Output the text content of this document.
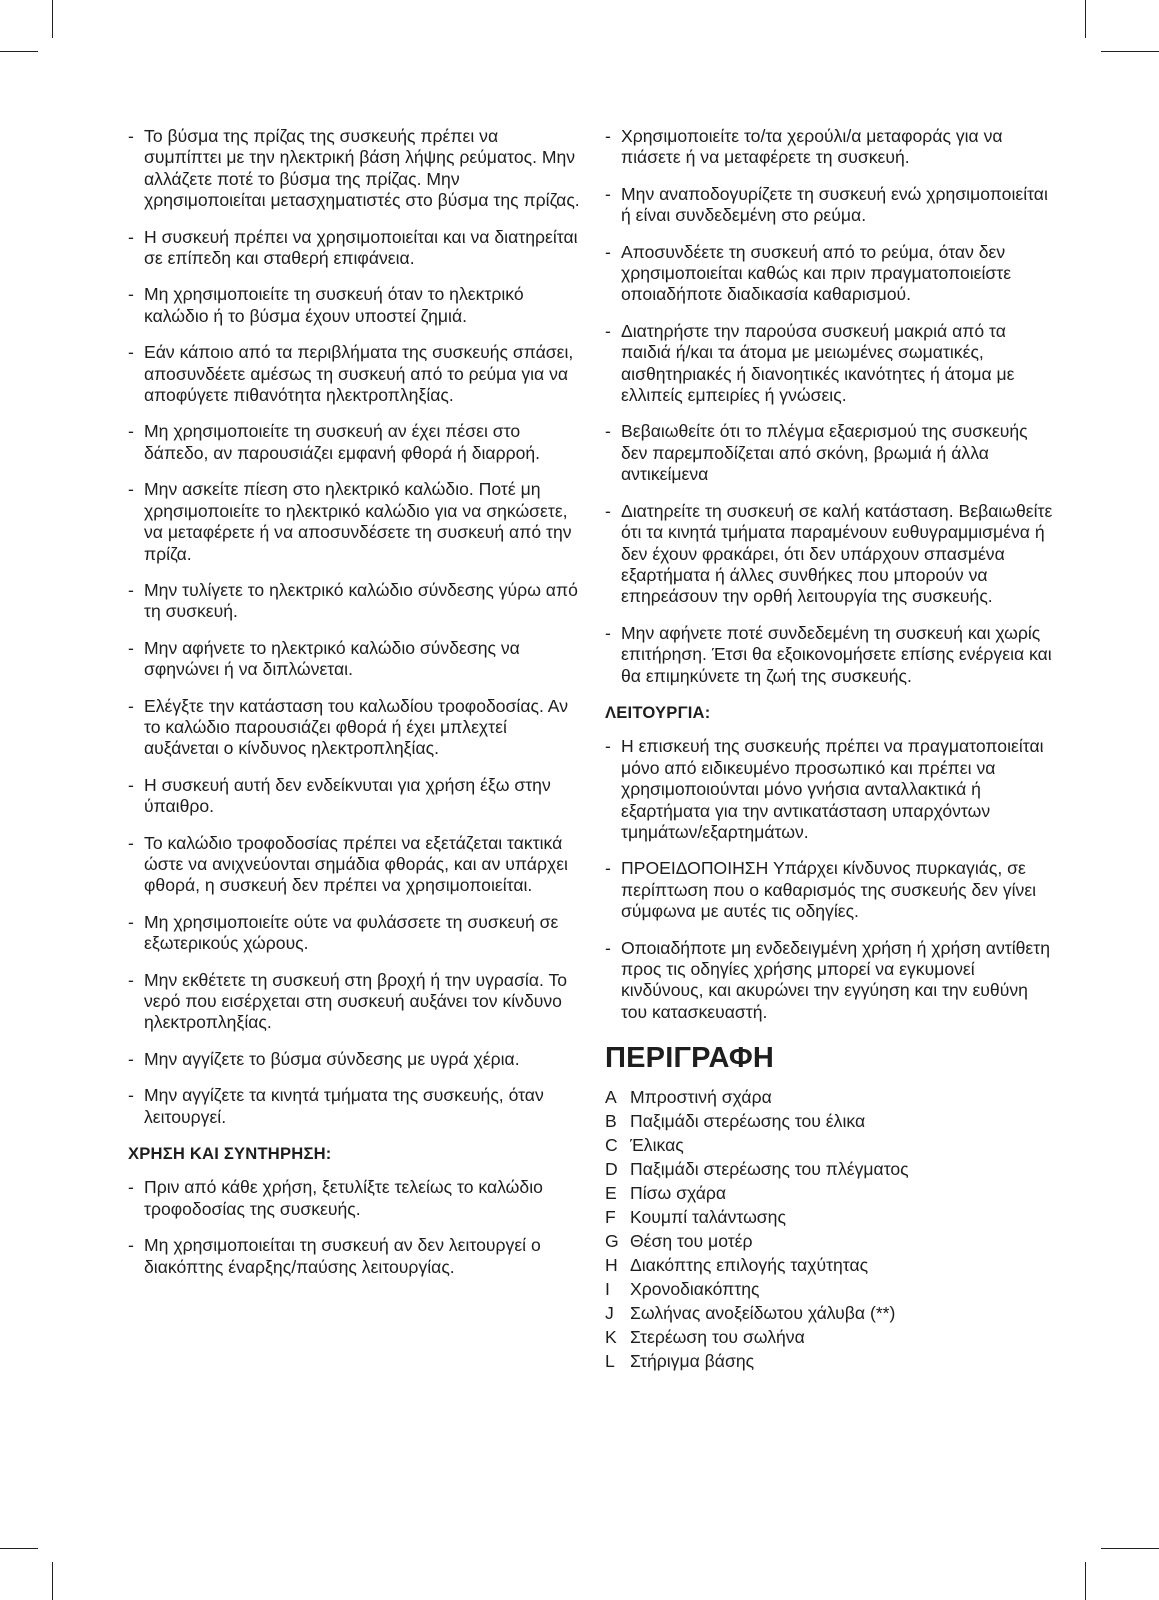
- Το βύσμα της πρίζας της συσκευής πρέπει να συμπίπτει με την ηλεκτρική βάση λήψης ρεύματος. Μην αλλάζετε ποτέ το βύσμα της πρίζας. Μην χρησιμοποιείται μετασχηματιστές στο βύσμα της πρίζας.
- Η συσκευή πρέπει να χρησιμοποιείται και να διατηρείται σε επίπεδη και σταθερή επιφάνεια.
- Μη χρησιμοποιείτε τη συσκευή όταν το ηλεκτρικό καλώδιο ή το βύσμα έχουν υποστεί ζημιά.
- Εάν κάποιο από τα περιβλήματα της συσκευής σπάσει, αποσυνδέετε αμέσως τη συσκευή από το ρεύμα για να αποφύγετε πιθανότητα ηλεκτροπληξίας.
- Μη χρησιμοποιείτε τη συσκευή αν έχει πέσει στο δάπεδο, αν παρουσιάζει εμφανή φθορά ή διαρροή.
- Μην ασκείτε πίεση στο ηλεκτρικό καλώδιο. Ποτέ μη χρησιμοποιείτε το ηλεκτρικό καλώδιο για να σηκώσετε, να μεταφέρετε ή να αποσυνδέσετε τη συσκευή από την πρίζα.
- Μην τυλίγετε το ηλεκτρικό καλώδιο σύνδεσης γύρω από τη συσκευή.
- Μην αφήνετε το ηλεκτρικό καλώδιο σύνδεσης να σφηνώνει ή να διπλώνεται.
- Ελέγξτε την κατάσταση του καλωδίου τροφοδοσίας. Αν το καλώδιο παρουσιάζει φθορά ή έχει μπλεχτεί αυξάνεται ο κίνδυνος ηλεκτροπληξίας.
- Η συσκευή αυτή δεν ενδείκνυται για χρήση έξω στην ύπαιθρο.
- Το καλώδιο τροφοδοσίας πρέπει να εξετάζεται τακτικά ώστε να ανιχνεύονται σημάδια φθοράς, και αν υπάρχει φθορά, η συσκευή δεν πρέπει να χρησιμοποιείται.
- Μη χρησιμοποιείτε ούτε να φυλάσσετε τη συσκευή σε εξωτερικούς χώρους.
- Μην εκθέτετε τη συσκευή στη βροχή ή την υγρασία. Το νερό που εισέρχεται στη συσκευή αυξάνει τον κίνδυνο ηλεκτροπληξίας.
- Μην αγγίζετε το βύσμα σύνδεσης με υγρά χέρια.
- Μην αγγίζετε τα κινητά τμήματα της συσκευής, όταν λειτουργεί.
ΧΡΗΣΗ ΚΑΙ ΣΥΝΤΗΡΗΣΗ:
- Πριν από κάθε χρήση, ξετυλίξτε τελείως το καλώδιο τροφοδοσίας της συσκευής.
- Μη χρησιμοποιείται τη συσκευή αν δεν λειτουργεί ο διακόπτης έναρξης/παύσης λειτουργίας.
- Χρησιμοποιείτε το/τα χερούλι/α μεταφοράς για να πιάσετε ή να μεταφέρετε τη συσκευή.
- Μην αναποδογυρίζετε τη συσκευή ενώ χρησιμοποιείται ή είναι συνδεδεμένη στο ρεύμα.
- Αποσυνδέετε τη συσκευή από το ρεύμα, όταν δεν χρησιμοποιείται καθώς και πριν πραγματοποιείστε οποιαδήποτε διαδικασία καθαρισμού.
- Διατηρήστε την παρούσα συσκευή μακριά από τα παιδιά ή/και τα άτομα με μειωμένες σωματικές, αισθητηριακές ή διανοητικές ικανότητες ή άτομα με ελλιπείς εμπειρίες ή γνώσεις.
- Βεβαιωθείτε ότι το πλέγμα εξαερισμού της συσκευής δεν παρεμποδίζεται από σκόνη, βρωμιά ή άλλα αντικείμενα
- Διατηρείτε τη συσκευή σε καλή κατάσταση. Βεβαιωθείτε ότι τα κινητά τμήματα παραμένουν ευθυγραμμισμένα ή δεν έχουν φρακάρει, ότι δεν υπάρχουν σπασμένα εξαρτήματα ή άλλες συνθήκες που μπορούν να επηρεάσουν την ορθή λειτουργία της συσκευής.
- Μην αφήνετε ποτέ συνδεδεμένη τη συσκευή και χωρίς επιτήρηση. Έτσι θα εξοικονομήσετε επίσης ενέργεια και θα επιμηκύνετε τη ζωή της συσκευής.
ΛΕΙΤΟΥΡΓΙΑ:
- Η επισκευή της συσκευής πρέπει να πραγματοποιείται μόνο από ειδικευμένο προσωπικό και πρέπει να χρησιμοποιούνται μόνο γνήσια ανταλλακτικά ή εξαρτήματα για την αντικατάσταση υπαρχόντων τμημάτων/εξαρτημάτων.
- ΠΡΟΕΙΔΟΠΟΙΗΣΗ Υπάρχει κίνδυνος πυρκαγιάς, σε περίπτωση που ο καθαρισμός της συσκευής δεν γίνει σύμφωνα με αυτές τις οδηγίες.
- Οποιαδήποτε μη ενδεδειγμένη χρήση ή χρήση αντίθετη προς τις οδηγίες χρήσης μπορεί να εγκυμονεί κινδύνους, και ακυρώνει την εγγύηση και την ευθύνη του κατασκευαστή.
ΠΕΡΙΓΡΑΦΗ
A Μπροστινή σχάρα
B Παξιμάδι στερέωσης του έλικα
C Έλικας
D Παξιμάδι στερέωσης του πλέγματος
E Πίσω σχάρα
F Κουμπί ταλάντωσης
G Θέση του μοτέρ
H Διακόπτης επιλογής ταχύτητας
I	Χρονοδιακόπτης
J Σωλήνας ανοξείδωτου χάλυβα (**)
K Στερέωση του σωλήνα
L Στήριγμα βάσης
